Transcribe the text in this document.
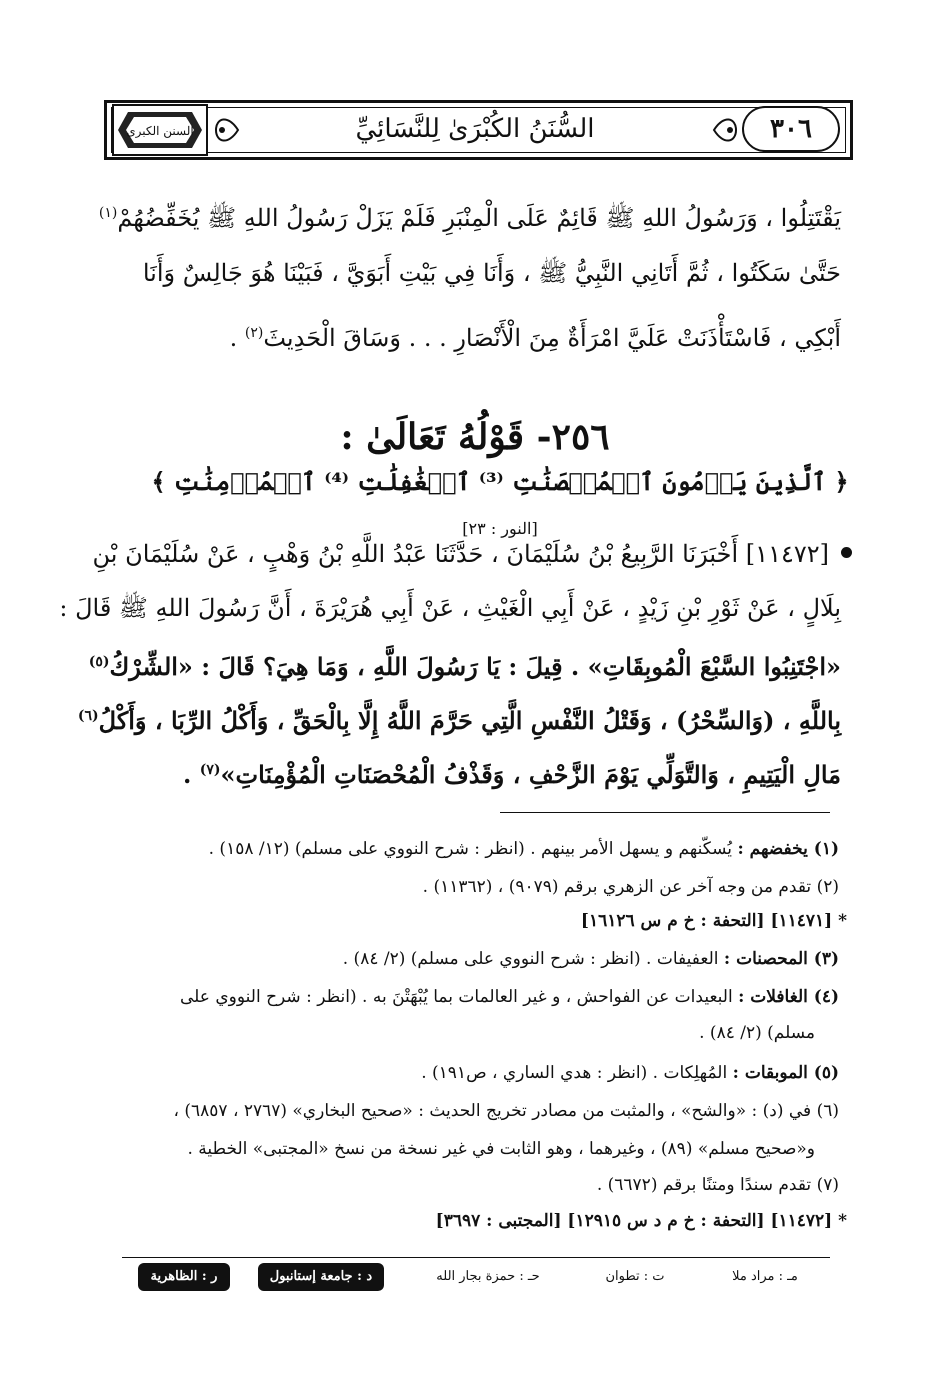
السنن الكبرى	السُّنَنُ الكُبْرَىٰ لِلنَّسَائِيِّ	٣٠٦
يَقْتَتِلُوا ، وَرَسُولُ اللهِ ﷺ قَائِمٌ عَلَى الْمِنْبَرِ فَلَمْ يَزَلْ رَسُولُ اللهِ ﷺ يُخَفِّضُهُمْ$^{(١)}$
حَتَّىٰ سَكَتُوا ، ثُمَّ أَتَانِي النَّبِيُّ ﷺ ، وَأَنَا فِي بَيْتِ أَبَوَيَّ ، فَبَيْنَا هُوَ جَالِسٌ وَأَنَا
أَبْكِي ، فَاسْتَأْذَنَتْ عَلَيَّ امْرَأَةٌ مِنَ الْأَنْصَارِ . . . وَسَاقَ الْحَدِيثَ$^{(٢)}$ .
٢٥٦- قَوْلُهُ تَعَالَىٰ :
﴿ ٱلَّذِينَ يَرۡمُونَ ٱلۡمُحۡصَنَٰتِ ⁽³⁾ ٱلۡغَٰفِلَٰتِ ⁽⁴⁾ ٱلۡمُؤۡمِنَٰتِ ﴾ [النور : ٢٣]
[١١٤٧٢] أَخْبَرَنَا الرَّبِيعُ بْنُ سُلَيْمَانَ ، حَدَّثَنَا عَبْدُ اللَّهِ بْنُ وَهْبٍ ، عَنْ سُلَيْمَانَ بْنِ
بِلَالٍ ، عَنْ ثَوْرِ بْنِ زَيْدٍ ، عَنْ أَبِي الْغَيْثِ ، عَنْ أَبِي هُرَيْرَةَ ، أَنَّ رَسُولَ اللهِ ﷺ قَالَ :
«اجْتَنِبُوا السَّبْعَ الْمُوبِقَاتِ» . قِيلَ : يَا رَسُولَ اللَّهِ ، وَمَا هِيَ؟ قَالَ : «الشِّرْكُ$^{(٥)}$
بِاللَّهِ ، (وَالسِّحْرُ) ، وَقَتْلُ النَّفْسِ الَّتِي حَرَّمَ اللَّهُ إِلَّا بِالْحَقِّ ، وَأَكْلُ الرِّبَا ، وَأَكْلُ$^{(٦)}$
مَالِ الْيَتِيمِ ، وَالتَّوَلِّي يَوْمَ الزَّحْفِ ، وَقَذْفُ الْمُحْصَنَاتِ الْمُؤْمِنَاتِ»$^{(٧)}$ .
(١) يخفضهم : يُسكّنهم و يسهل الأمر بينهم . (انظر : شرح النووي على مسلم) (١٢/ ١٥٨) .
(٢) تقدم من وجه آخر عن الزهري برقم (٩٠٧٩) ، (١١٣٦٢) .
* [١١٤٧١] [التحفة : خ م س ١٦١٢٦]
(٣) المحصنات : العفيفات . (انظر : شرح النووي على مسلم) (٢/ ٨٤) .
(٤) الغافلات : البعيدات عن الفواحش ، و غير العالمات بما يُبْهَتْنَ به . (انظر : شرح النووي على
مسلم) (٢/ ٨٤) .
(٥) الموبقات : المُهلِكات . (انظر : هدي الساري ، ص١٩١) .
(٦) في (د) : «والشح» ، والمثبت من مصادر تخريج الحديث : «صحيح البخاري» (٢٧٦٧ ، ٦٨٥٧) ،
و«صحيح مسلم» (٨٩) ، وغيرهما ، وهو الثابت في غير نسخة من نسخ «المجتبى» الخطية .
(٧) تقدم سندًا ومتنًا برقم (٦٦٧٢) .
* [١١٤٧٢] [التحفة : خ م د س ١٢٩١٥] [المجتبى : ٣٦٩٧]
مـ : مراد ملا
ت : تطوان
حـ : حمزة بجار الله
د : جامعة إستانبول
ر : الظاهرية
